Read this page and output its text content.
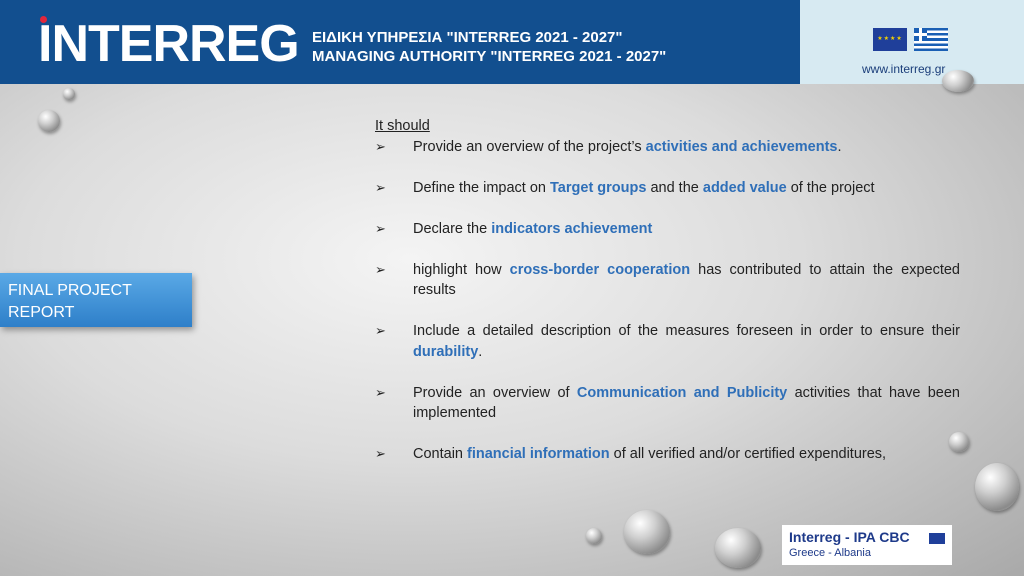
INTERREG ΕΙΔΙΚΗ ΥΠΗΡΕΣΙΑ "INTERREG 2021 - 2027"
MANAGING AUTHORITY "INTERREG 2021 - 2027"
★★★★
www.interreg.gr
FINAL PROJECT
REPORT

It should

➢ Provide an overview of the project’s activities and achievements.

➢ Define the impact on Target groups and the added value of the project

➢ Declare the indicators achievement

➢ highlight how cross-border cooperation has contributed to attain the expected results

➢ Include a detailed description of the measures foreseen in order to ensure their durability.

➢ Provide an overview of Communication and Publicity activities that have been implemented

➢ Contain financial information of all verified and/or certified expenditures,

Interreg - IPA CBC
Greece - Albania
